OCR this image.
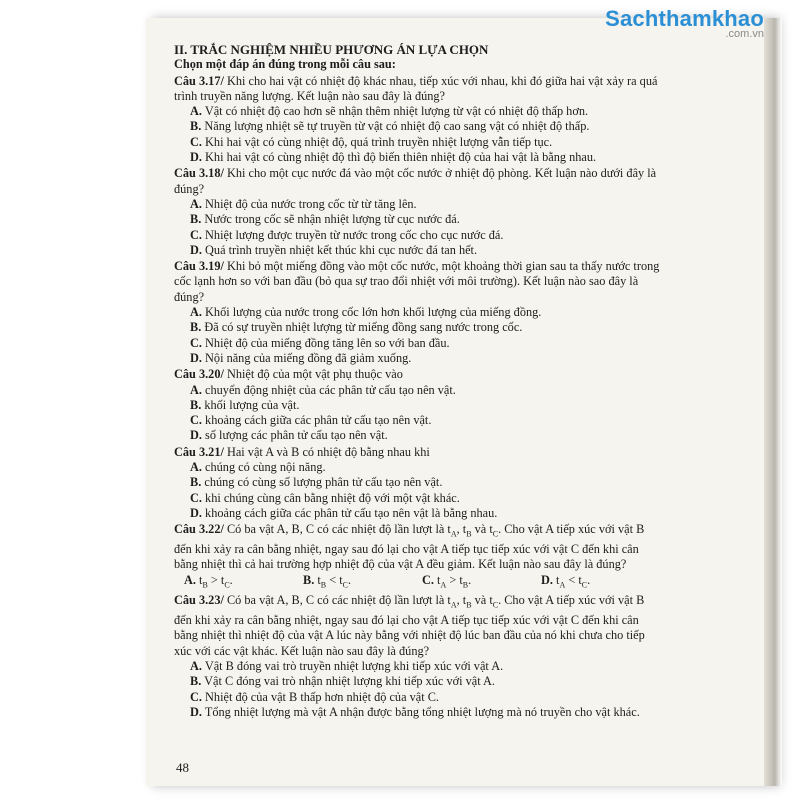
Sachthamkhao
.com.vn
II. TRẮC NGHIỆM NHIỀU PHƯƠNG ÁN LỰA CHỌN
Chọn một đáp án đúng trong mỗi câu sau:
Câu 3.17/ Khi cho hai vật có nhiệt độ khác nhau, tiếp xúc với nhau, khi đó giữa hai vật xảy ra quá trình truyền năng lượng. Kết luận nào sau đây là đúng?
A. Vật có nhiệt độ cao hơn sẽ nhận thêm nhiệt lượng từ vật có nhiệt độ thấp hơn.
B. Năng lượng nhiệt sẽ tự truyền từ vật có nhiệt độ cao sang vật có nhiệt độ thấp.
C. Khi hai vật có cùng nhiệt độ, quá trình truyền nhiệt lượng vẫn tiếp tục.
D. Khi hai vật có cùng nhiệt độ thì độ biến thiên nhiệt độ của hai vật là bằng nhau.
Câu 3.18/ Khi cho một cục nước đá vào một cốc nước ở nhiệt độ phòng. Kết luận nào dưới đây là đúng?
A. Nhiệt độ của nước trong cốc từ từ tăng lên.
B. Nước trong cốc sẽ nhận nhiệt lượng từ cục nước đá.
C. Nhiệt lượng được truyền từ nước trong cốc cho cục nước đá.
D. Quá trình truyền nhiệt kết thúc khi cục nước đá tan hết.
Câu 3.19/ Khi bỏ một miếng đồng vào một cốc nước, một khoảng thời gian sau ta thấy nước trong cốc lạnh hơn so với ban đầu (bỏ qua sự trao đổi nhiệt với môi trường). Kết luận nào sao đây là đúng?
A. Khối lượng của nước trong cốc lớn hơn khối lượng của miếng đồng.
B. Đã có sự truyền nhiệt lượng từ miếng đồng sang nước trong cốc.
C. Nhiệt độ của miếng đồng tăng lên so với ban đầu.
D. Nội năng của miếng đồng đã giảm xuống.
Câu 3.20/ Nhiệt độ của một vật phụ thuộc vào
A. chuyển động nhiệt của các phân tử cấu tạo nên vật.
B. khối lượng của vật.
C. khoảng cách giữa các phân tử cấu tạo nên vật.
D. số lượng các phân tử cấu tạo nên vật.
Câu 3.21/ Hai vật A và B có nhiệt độ bằng nhau khi
A. chúng có cùng nội năng.
B. chúng có cùng số lượng phân tử cấu tạo nên vật.
C. khi chúng cùng cân bằng nhiệt độ với một vật khác.
D. khoảng cách giữa các phân tử cấu tạo nên vật là bằng nhau.
Câu 3.22/ Có ba vật A, B, C có các nhiệt độ lần lượt là $t_A$, $t_B$ và $t_C$. Cho vật A tiếp xúc với vật B đến khi xảy ra cân bằng nhiệt, ngay sau đó lại cho vật A tiếp tục tiếp xúc với vật C đến khi cân bằng nhiệt thì cả hai trường hợp nhiệt độ của vật A đều giảm. Kết luận nào sau đây là đúng?
A. $t_B > t_C$.	B. $t_B < t_C$.	C. $t_A > t_B$.	D. $t_A < t_C$.
Câu 3.23/ Có ba vật A, B, C có các nhiệt độ lần lượt là $t_A$, $t_B$ và $t_C$. Cho vật A tiếp xúc với vật B đến khi xảy ra cân bằng nhiệt, ngay sau đó lại cho vật A tiếp tục tiếp xúc với vật C đến khi cân bằng nhiệt thì nhiệt độ của vật A lúc này bằng với nhiệt độ lúc ban đầu của nó khi chưa cho tiếp xúc với các vật khác. Kết luận nào sau đây là đúng?
A. Vật B đóng vai trò truyền nhiệt lượng khi tiếp xúc với vật A.
B. Vật C đóng vai trò nhận nhiệt lượng khi tiếp xúc với vật A.
C. Nhiệt độ của vật B thấp hơn nhiệt độ của vật C.
D. Tổng nhiệt lượng mà vật A nhận được bằng tổng nhiệt lượng mà nó truyền cho vật khác.
48
